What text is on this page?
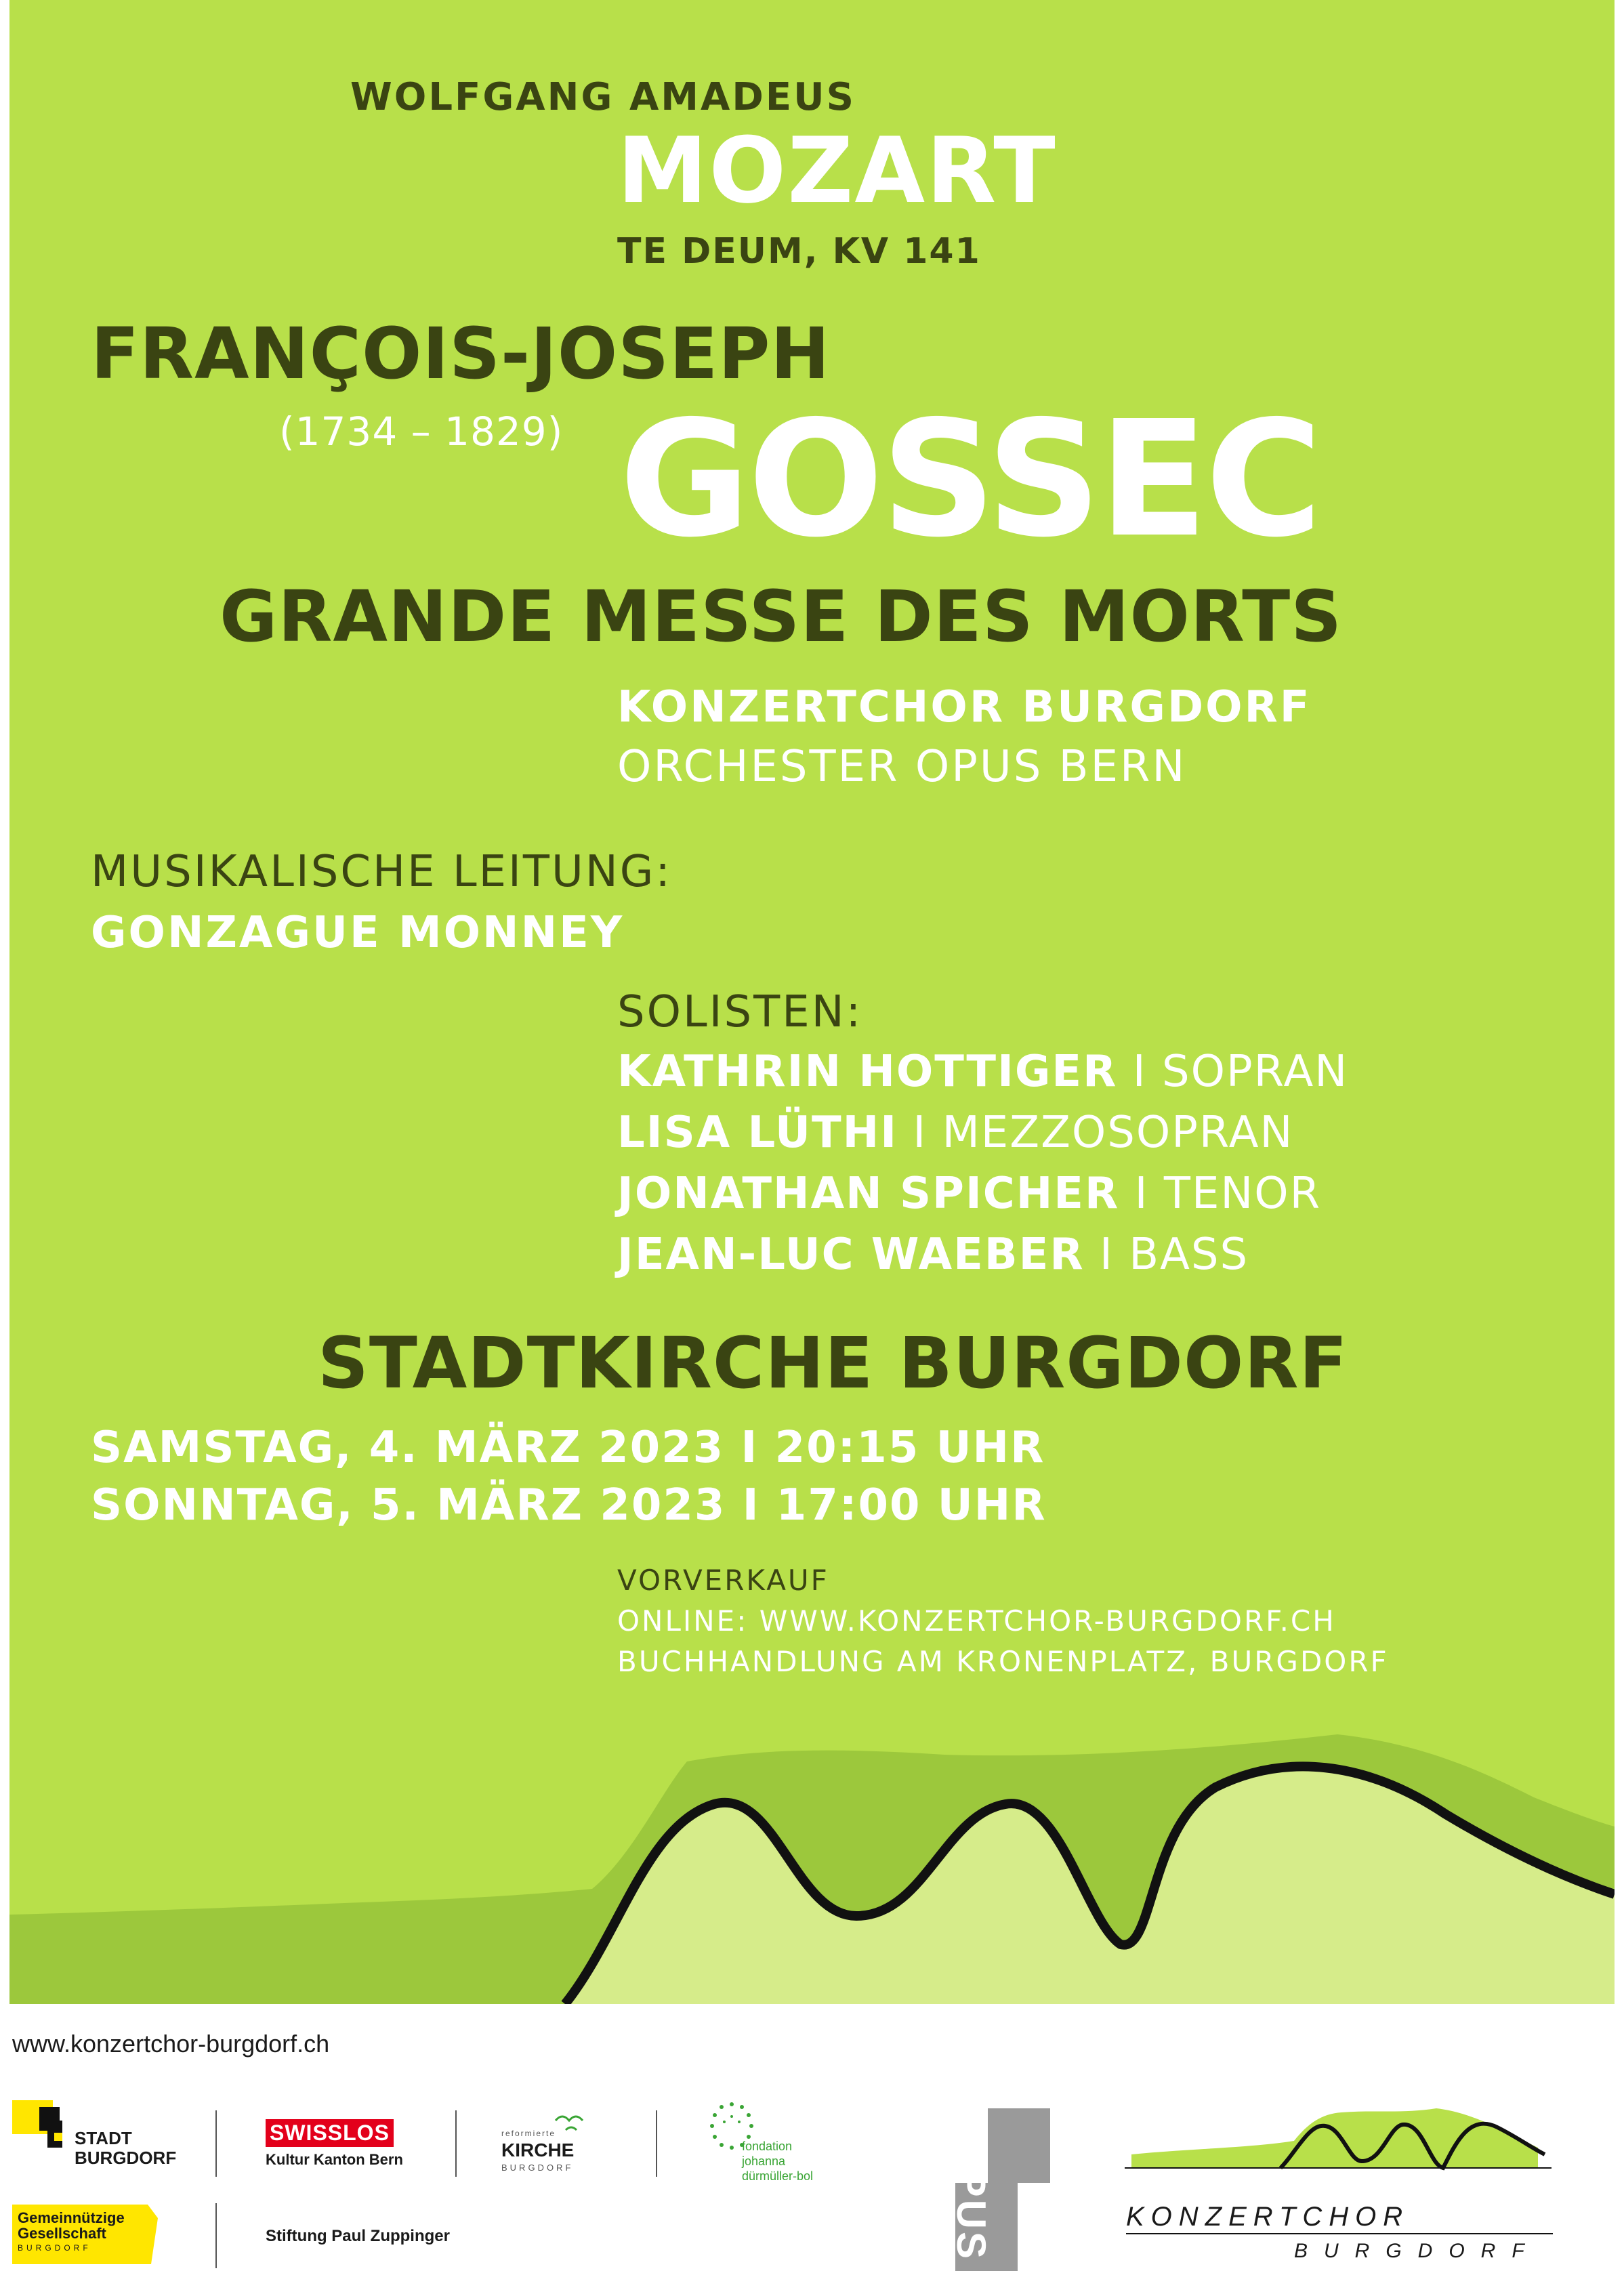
WOLFGANG AMADEUS
MOZART
TE DEUM, KV 141
FRANÇOIS-JOSEPH
(1734 – 1829) GOSSEC
GRANDE MESSE DES MORTS
KONZERTCHOR BURGDORF
ORCHESTER OPUS BERN
MUSIKALISCHE LEITUNG:
GONZAGUE MONNEY
SOLISTEN:
KATHRIN HOTTIGER I SOPRAN
LISA LÜTHI I MEZZOSOPRAN
JONATHAN SPICHER I TENOR
JEAN-LUC WAEBER I BASS
STADTKIRCHE BURGDORF
SAMSTAG, 4. MÄRZ 2023 I 20:15 UHR
SONNTAG, 5. MÄRZ 2023 I 17:00 UHR
VORVERKAUF
ONLINE: WWW.KONZERTCHOR-BURGDORF.CH
BUCHHANDLUNG AM KRONENPLATZ, BURGDORF
www.konzertchor-burgdorf.ch
STADT
BURGDORF
SWISSLOS
Kultur Kanton Bern
reformierte
KIRCHE
BURGDORF
fondation
johanna
dürmüller-bol
Gemeinnützige
Gesellschaft
BURGDORF
Stiftung Paul Zuppinger	OPUS	KONZERTCHOR
BURGDORF
